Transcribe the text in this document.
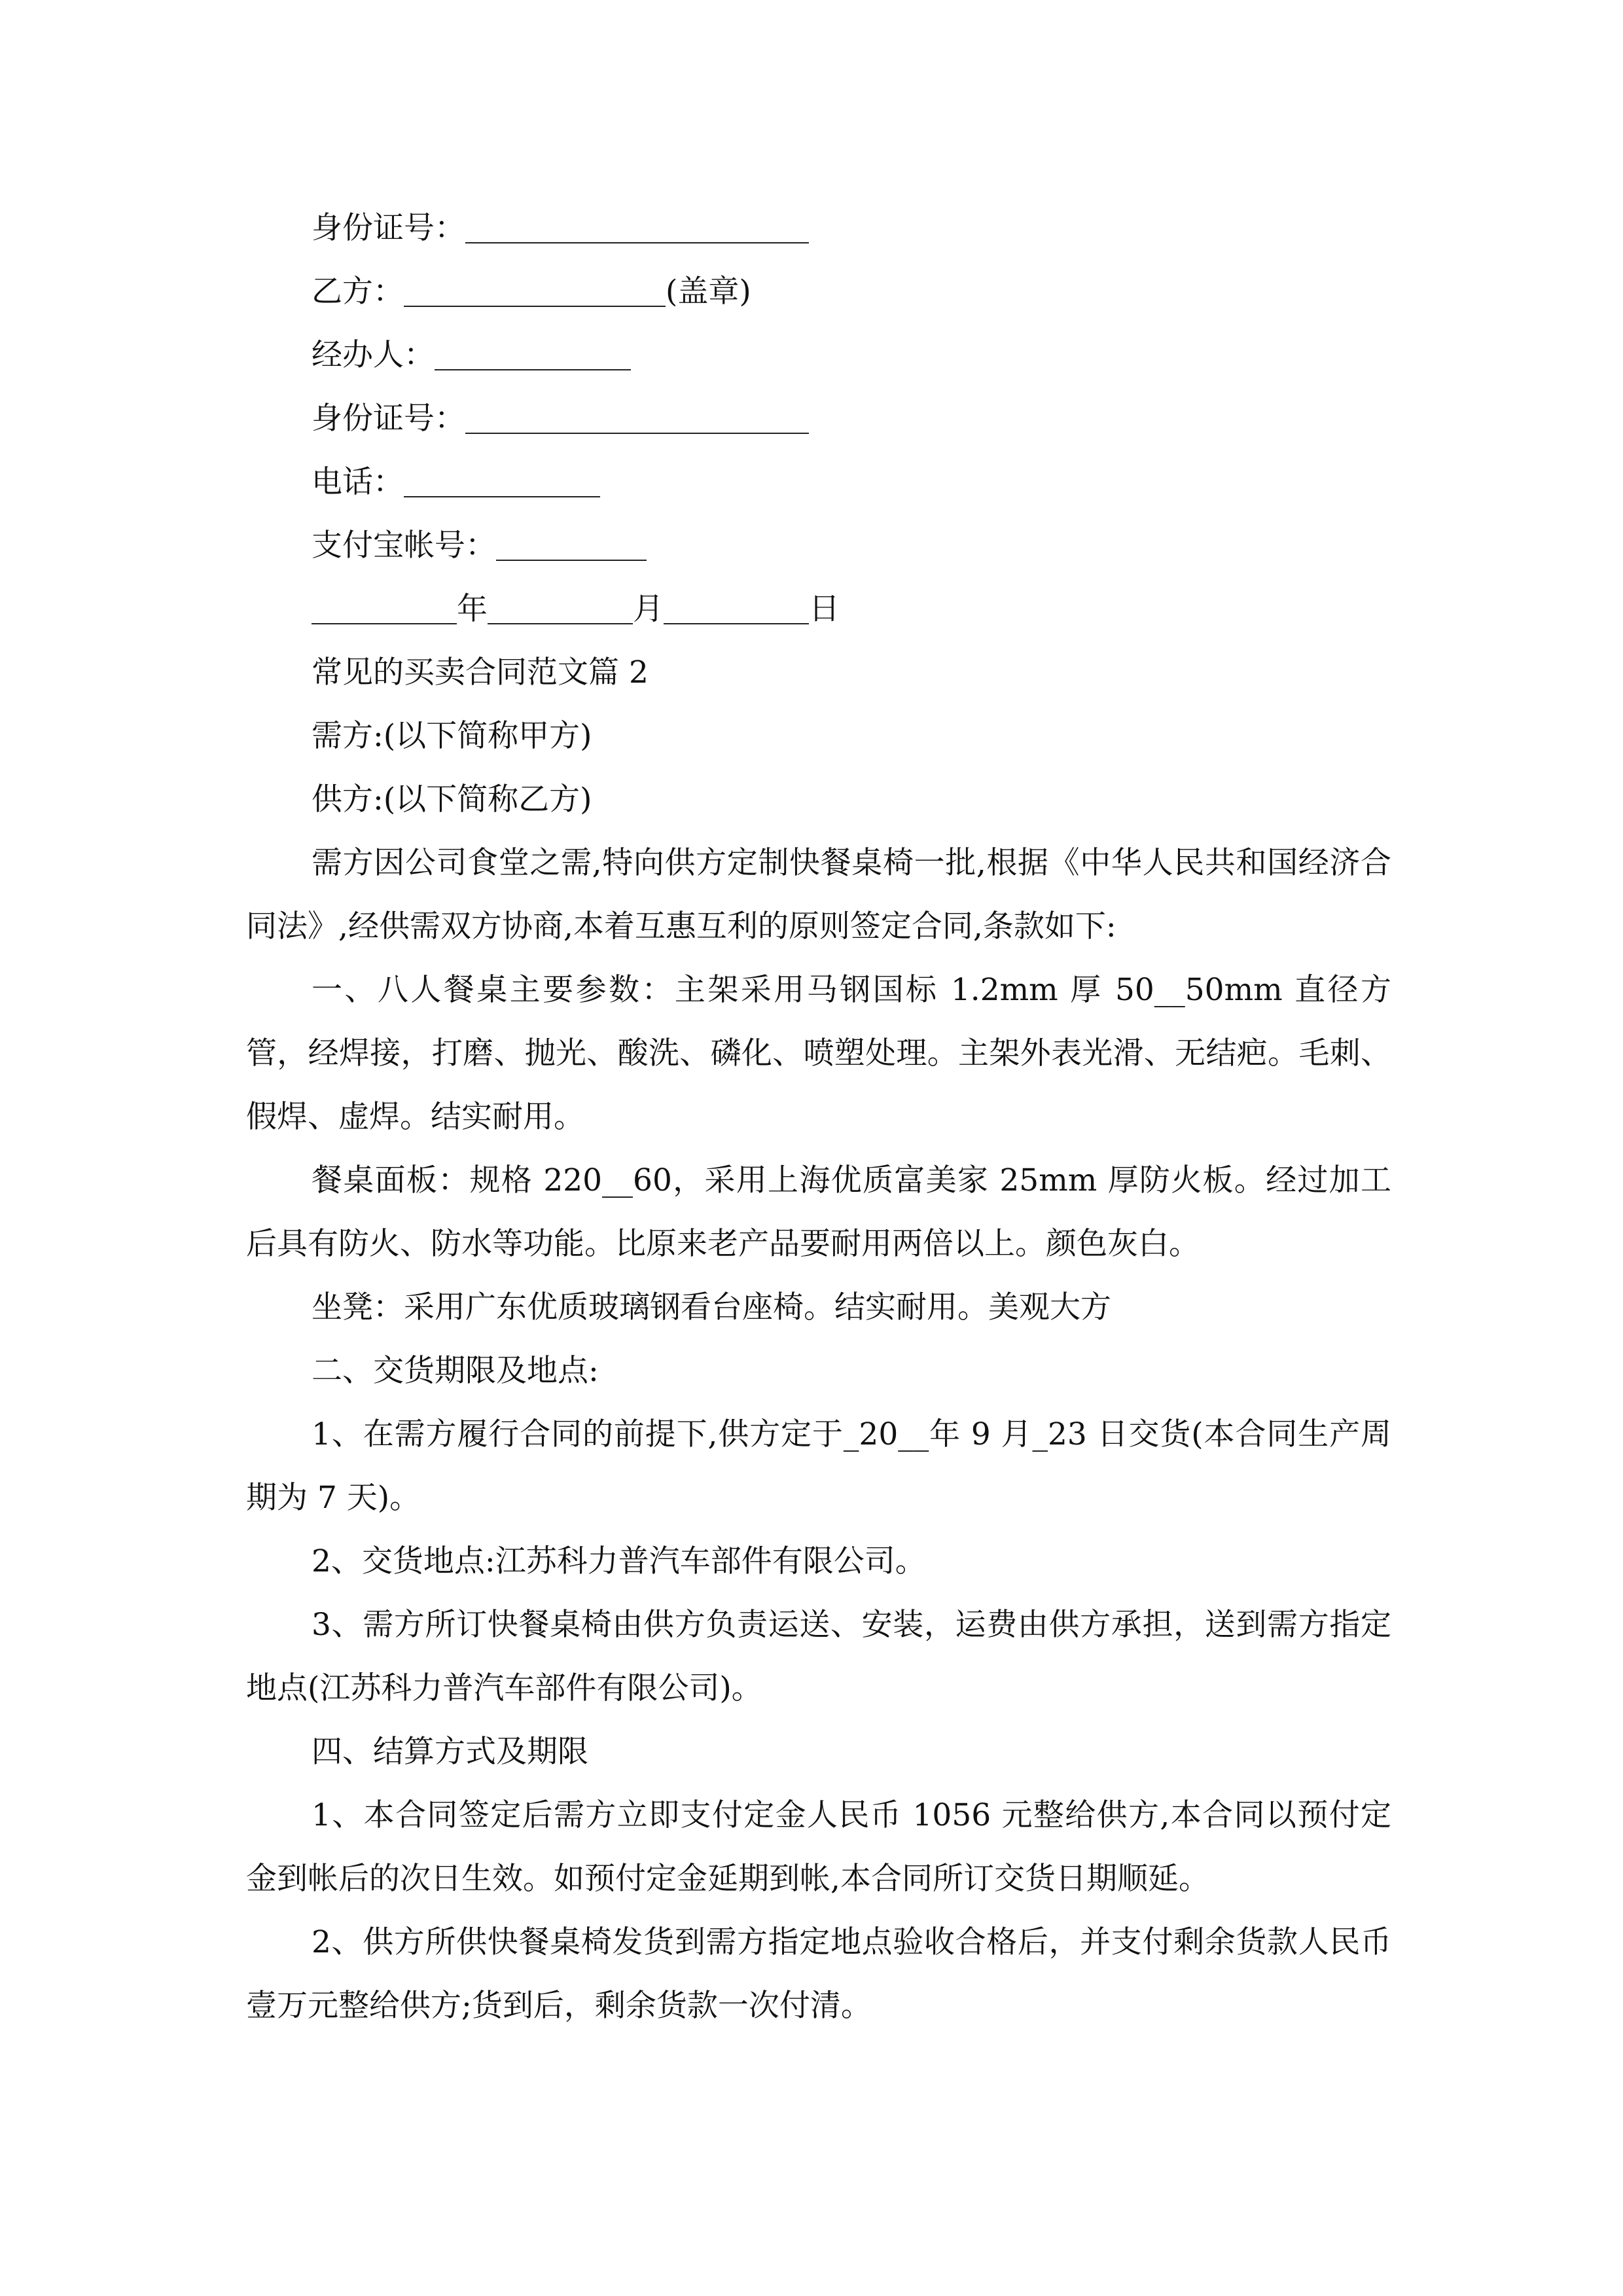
身份证号：
乙方：	(盖章)
经办人：
身份证号：
电话：
支付宝帐号：
年	月	日
常见的买卖合同范文篇 2
需方:(以下简称甲方)
供方:(以下简称乙方)

需方因公司食堂之需,特向供方定制快餐桌椅一批,根据《中华人民共和国经济合同法》,经供需双方协商,本着互惠互利的原则签定合同,条款如下:

一、八人餐桌主要参数：主架采用马钢国标 1.2mm 厚 50__50mm 直径方管，经焊接，打磨、抛光、酸洗、磷化、喷塑处理。主架外表光滑、无结疤。毛刺、假焊、虚焊。结实耐用。

餐桌面板：规格 220__60，采用上海优质富美家 25mm 厚防火板。经过加工后具有防火、防水等功能。比原来老产品要耐用两倍以上。颜色灰白。

坐凳：采用广东优质玻璃钢看台座椅。结实耐用。美观大方

二、交货期限及地点:

1、在需方履行合同的前提下,供方定于_20__年 9 月_23 日交货(本合同生产周期为 7 天)。

2、交货地点:江苏科力普汽车部件有限公司。

3、需方所订快餐桌椅由供方负责运送、安装，运费由供方承担，送到需方指定地点(江苏科力普汽车部件有限公司)。

四、结算方式及期限

1、本合同签定后需方立即支付定金人民币 1056 元整给供方,本合同以预付定金到帐后的次日生效。如预付定金延期到帐,本合同所订交货日期顺延。

2、供方所供快餐桌椅发货到需方指定地点验收合格后，并支付剩余货款人民币壹万元整给供方;货到后，剩余货款一次付清。
